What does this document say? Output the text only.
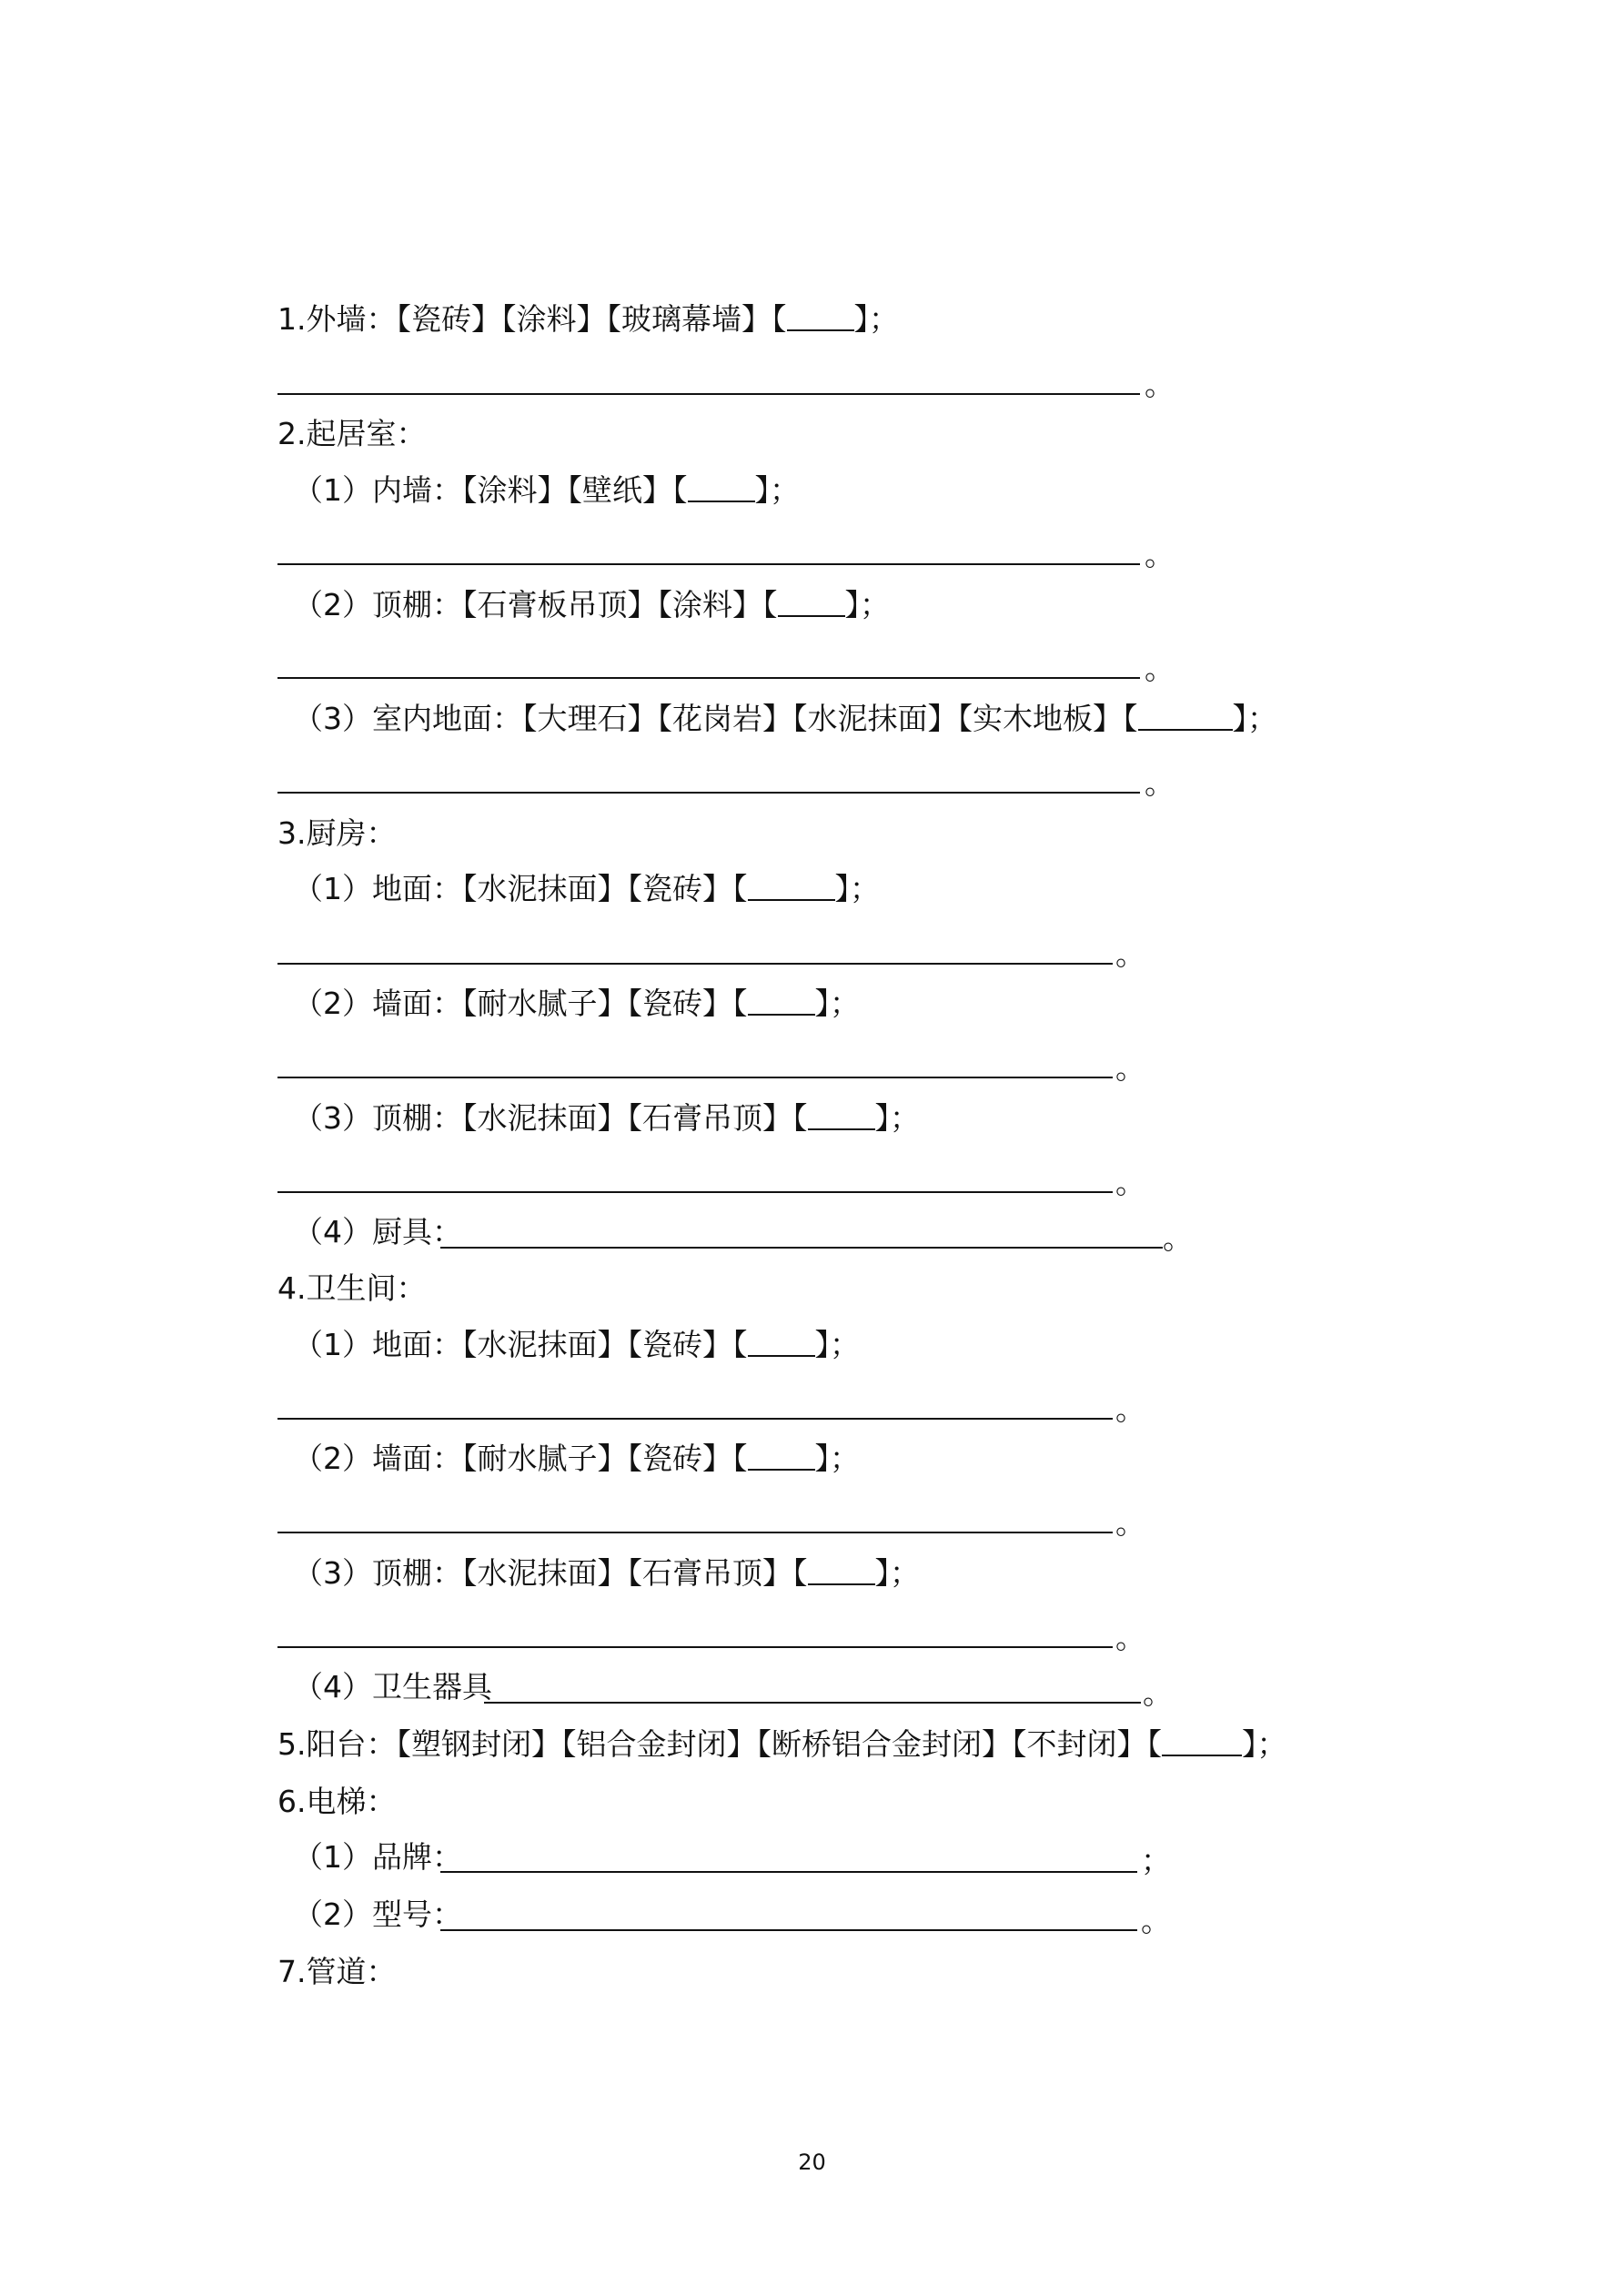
1.外墙：【瓷砖】【涂料】【玻璃幕墙】【 】；
。
2.起居室：
（1）内墙：【涂料】【壁纸】【 】；
。
（2）顶棚：【石膏板吊顶】【涂料】【 】；
。
（3）室内地面：【大理石】【花岗岩】【水泥抹面】【实木地板】【	】；
。
3.厨房：
（1）地面：【水泥抹面】【瓷砖】【	】；
。
（2）墙面：【耐水腻子】【瓷砖】【 】；
。
（3）顶棚：【水泥抹面】【石膏吊顶】【 】；
。
（4）厨具：	。
4.卫生间：
（1）地面：【水泥抹面】【瓷砖】【 】；
。
（2）墙面：【耐水腻子】【瓷砖】【 】；
。
（3）顶棚：【水泥抹面】【石膏吊顶】【 】；
。
（4）卫生器具	。
5.阳台：【塑钢封闭】【铝合金封闭】【断桥铝合金封闭】【不封闭】【	】；
6.电梯：
（1）品牌：	；
（2）型号：	。
7.管道：
20
